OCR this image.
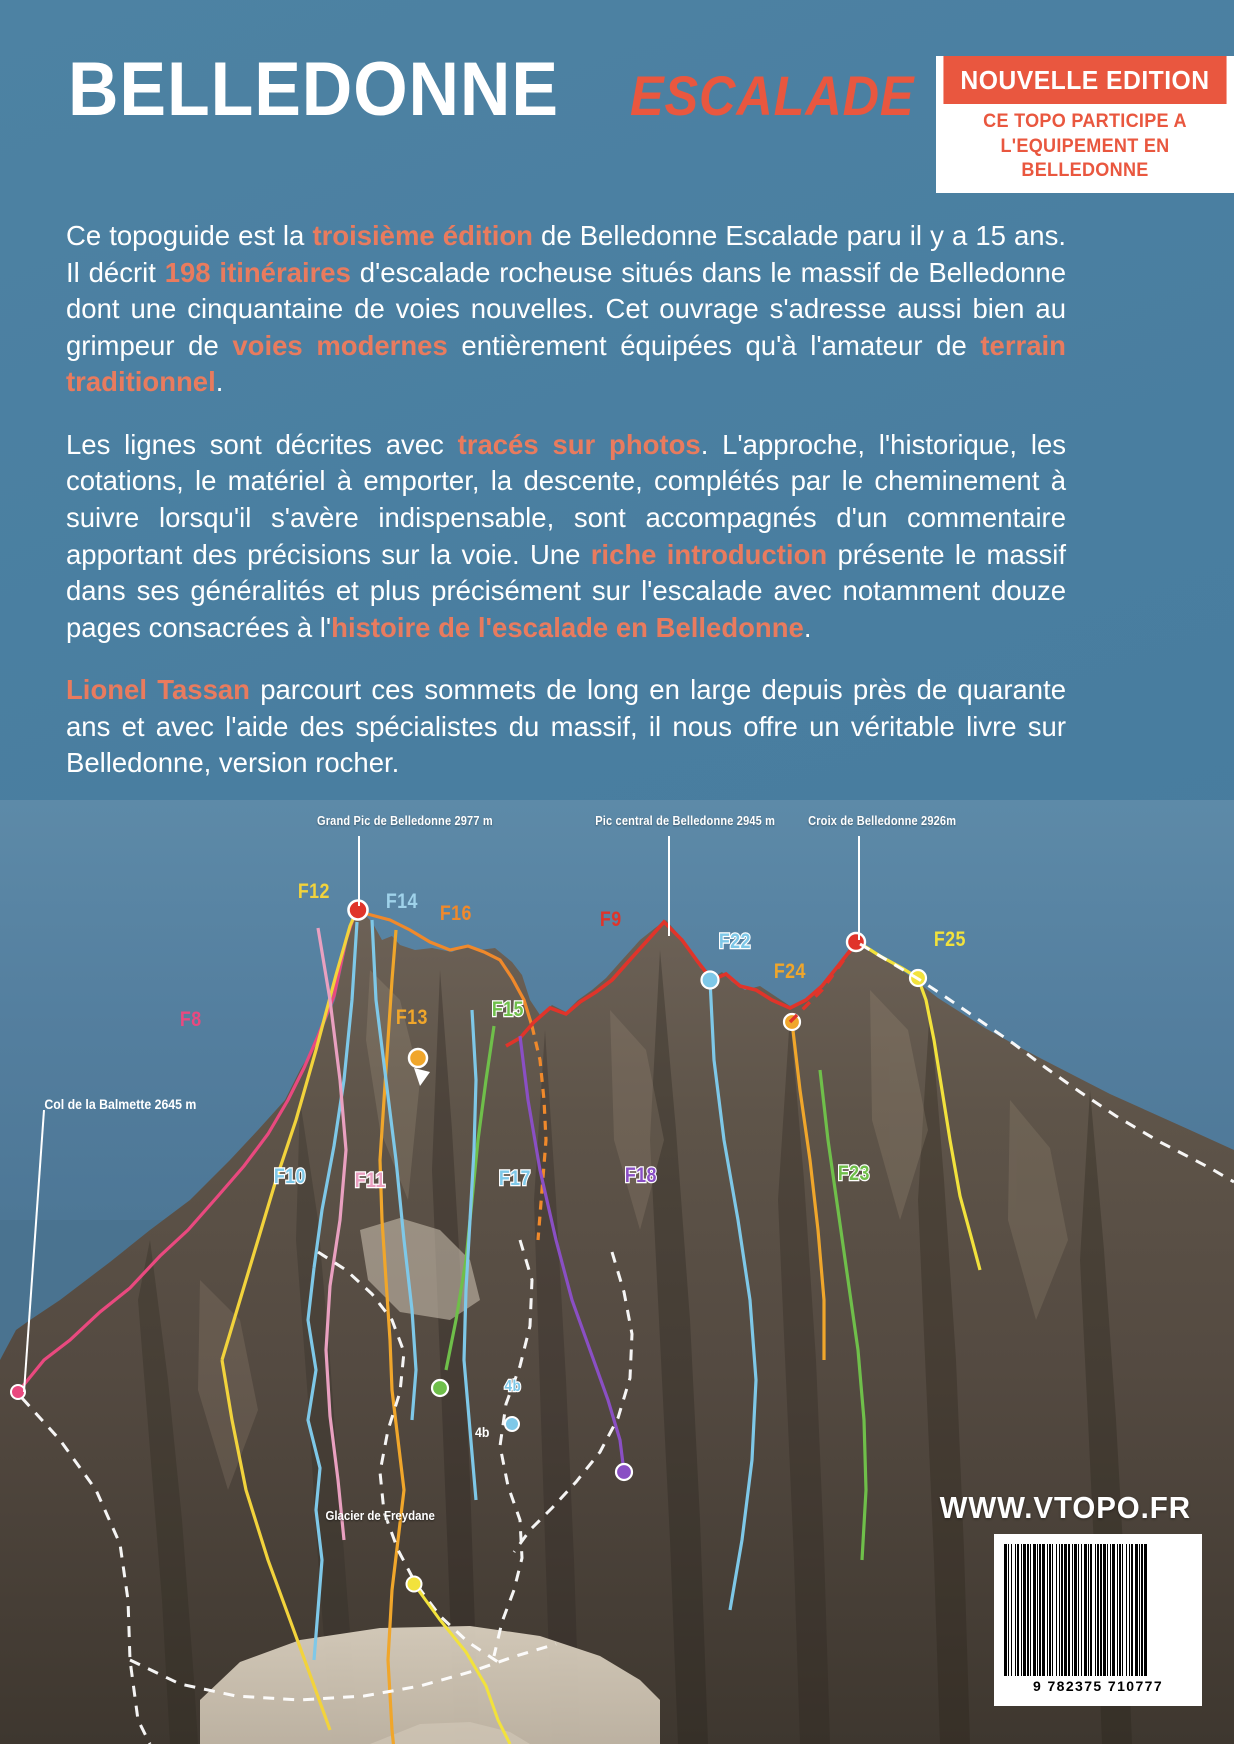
BELLEDONNE ESCALADE	NOUVELLE EDITION
CE TOPO PARTICIPE A
L'EQUIPEMENT EN BELLEDONNE

Ce topoguide est la troisième édition de Belledonne Escalade paru il y a 15 ans. Il décrit 198 itinéraires d'escalade rocheuse situés dans le massif de Belledonne dont une cinquantaine de voies nouvelles. Cet ouvrage s'adresse aussi bien au grimpeur de voies modernes entièrement équipées qu'à l'amateur de terrain traditionnel.

Les lignes sont décrites avec tracés sur photos. L'approche, l'historique, les cotations, le matériel à emporter, la descente, complétés par le cheminement à suivre lorsqu'il s'avère indispensable, sont accompagnés d'un commentaire apportant des précisions sur la voie. Une riche introduction présente le massif dans ses généralités et plus précisément sur l'escalade avec notamment douze pages consacrées à l'histoire de l'escalade en Belledonne.

Lionel Tassan parcourt ces sommets de long en large depuis près de quarante ans et avec l'aide des spécialistes du massif, il nous offre un véritable livre sur Belledonne, version rocher.

Grand Pic de Belledonne 2977 m	Pic central de Belledonne 2945 m	Croix de Belledonne 2926m
Col de la Balmette 2645 m
F12	F14
F16	F9
F22
F24
F25
F8	F13	F15
F10 F11	F17	F18	F23
4b
4b
Glacier de Freydane	WWW.VTOPO.FR
9 782375 710777
